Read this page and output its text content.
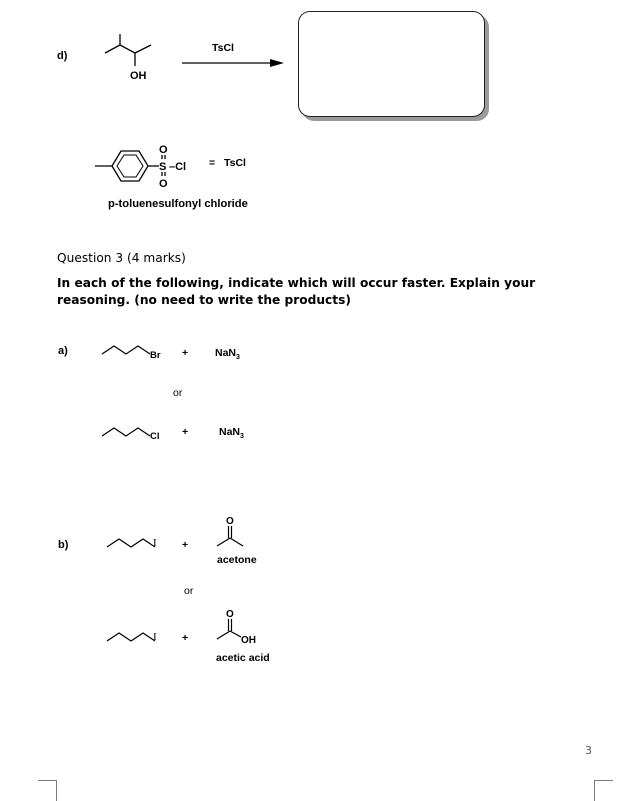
d)
OH
TsCl
O
S –Cl
O
= TsCl
p-toluenesulfonyl chloride
Question 3 (4 marks)
In each of the following, indicate which will occur faster. Explain your reasoning. (no need to write the products)
a)	Br +	NaN$_3$
or
Cl +	NaN$_3$
b)	I +
O
acetone
or
I +
O
OH
acetic acid
3
